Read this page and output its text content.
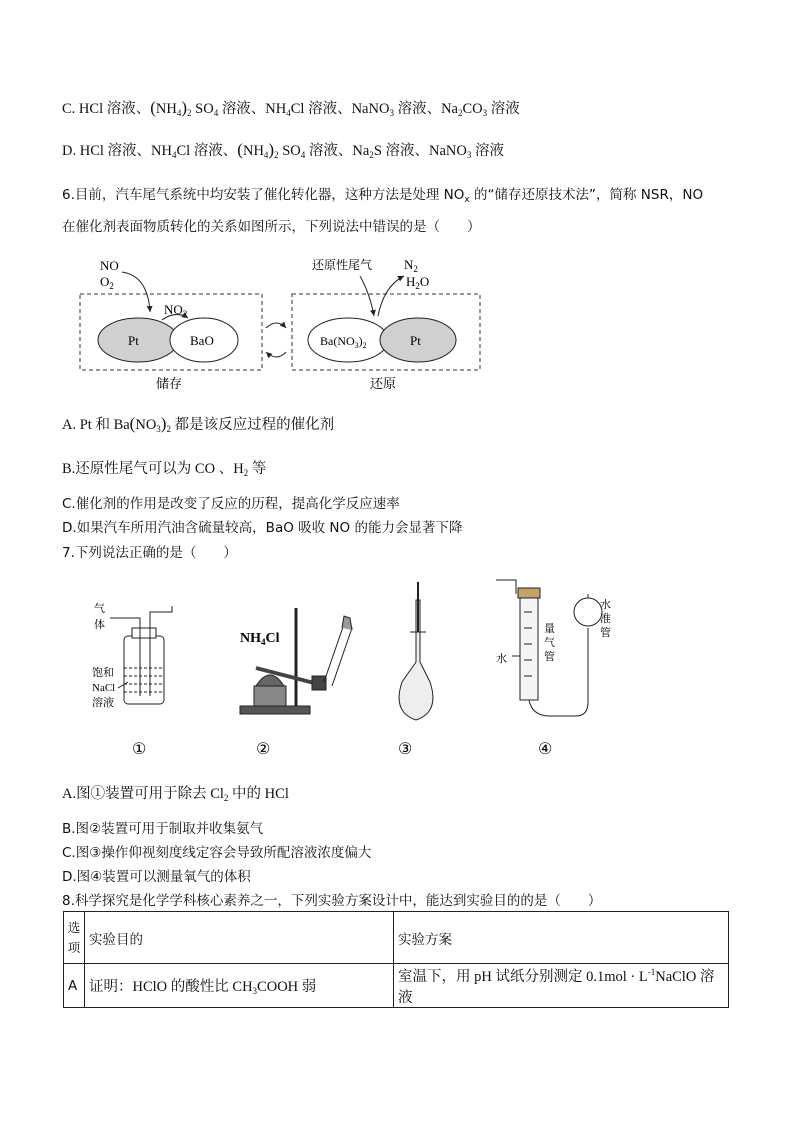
C. HCl 溶液、$(NH_4)_2$ $SO_4$ 溶液、$NH_4Cl$ 溶液、NaNO$_3$ 溶液、$Na_2CO_3$ 溶液
D. HCl 溶液、$NH_4Cl$ 溶液、$(NH_4)_2$ $SO_4$ 溶液、$Na_2S$ 溶液、NaNO$_3$ 溶液
6.目前，汽车尾气系统中均安装了催化转化器，这种方法是处理 $NO_x$ 的“储存还原技术法”，简称 NSR，NO
在催化剂表面物质转化的关系如图所示，下列说法中错误的是（　　）
Pt	BaO
NO
$O_2$
$NO_2$
$Ba(NO_3)_2$	Pt
还原性尾气 $N_2$
$H_2O$
储存	还原
A. Pt 和 $Ba(NO_3)_2$ 都是该反应过程的催化剂
B.还原性尾气可以为 CO 、$H_2$ 等
C.催化剂的作用是改变了反应的历程，提高化学反应速率
D.如果汽车所用汽油含硫量较高，BaO 吸收 NO 的能力会显著下降
7.下列说法正确的是（　　）
气
体
饱和
NaCl
溶液
$NH_4Cl$
水
量
气
管
水
准
管
①	②	③	④
A.图①装置可用于除去 $Cl_2$ 中的 HCl
B.图②装置可用于制取并收集氨气
C.图③操作仰视刻度线定容会导致所配溶液浓度偏大
D.图④装置可以测量氧气的体积
8.科学探究是化学学科核心素养之一，下列实验方案设计中，能达到实验目的的是（　　）
选项	实验目的	实验方案
A	证明：HClO 的酸性比 $CH_3COOH$ 弱	室温下，用 pH 试纸分别测定 $0.1mol \cdot L^{-1}NaClO$ 溶液
